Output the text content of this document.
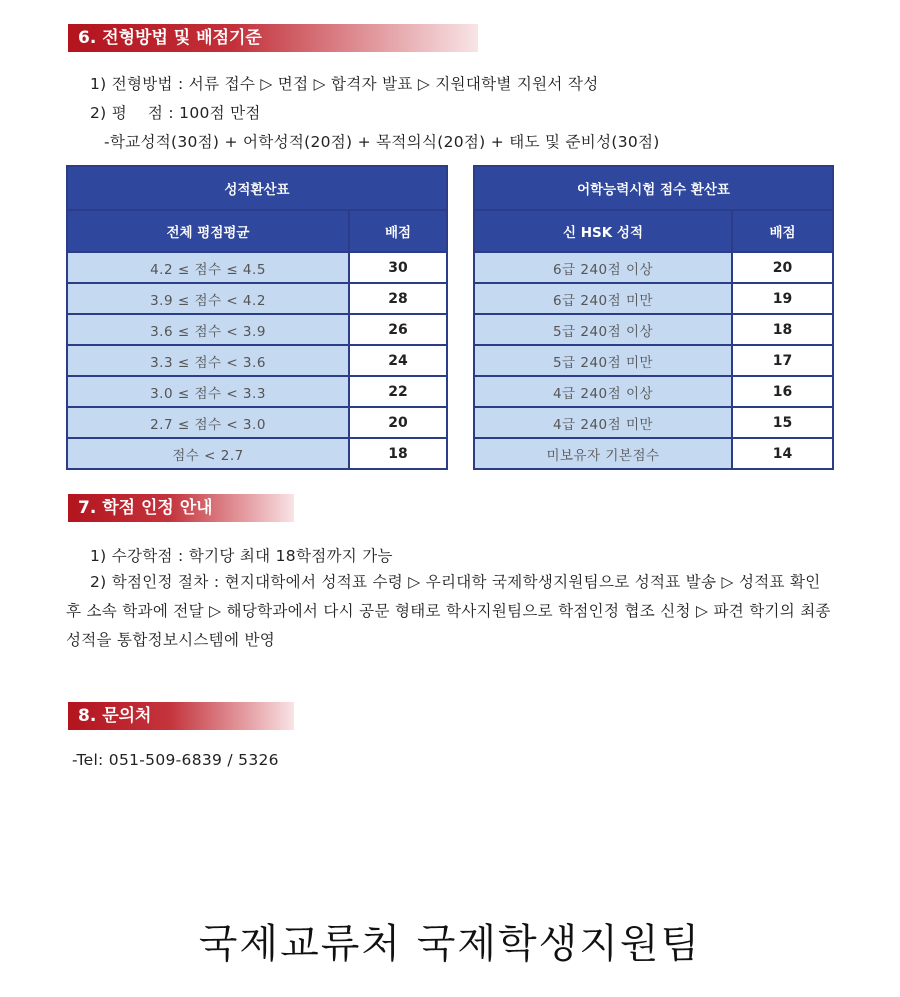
6. 전형방법 및 배점기준
1) 전형방법 : 서류 접수 ▷ 면접 ▷ 합격자 발표 ▷ 지원대학별 지원서 작성
2) 평    점 : 100점 만점
-학교성적(30점) + 어학성적(20점) + 목적의식(20점) + 태도 및 준비성(30점)
성적환산표	
전체 평점평균	배점
4.2 ≤ 점수 ≤ 4.5	30
3.9 ≤ 점수 < 4.2	28
3.6 ≤ 점수 < 3.9	26
3.3 ≤ 점수 < 3.6	24
3.0 ≤ 점수 < 3.3	22
2.7 ≤ 점수 < 3.0	20
점수 < 2.7	18
어학능력시험 점수 환산표	
신 HSK 성적	배점
6급 240점 이상	20
6급 240점 미만	19
5급 240점 이상	18
5급 240점 미만	17
4급 240점 이상	16
4급 240점 미만	15
미보유자 기본점수	14
7. 학점 인정 안내
1) 수강학점 : 학기당 최대 18학점까지 가능
2) 학점인정 절차 : 현지대학에서 성적표 수령 ▷ 우리대학 국제학생지원팀으로 성적표 발송 ▷ 성적표 확인 후 소속 학과에 전달 ▷ 해당학과에서 다시 공문 형태로 학사지원팀으로 학점인정 협조 신청 ▷ 파견 학기의 최종 성적을 통합정보시스템에 반영
8. 문의처
-Tel: 051-509-6839 / 5326
국제교류처 국제학생지원팀
